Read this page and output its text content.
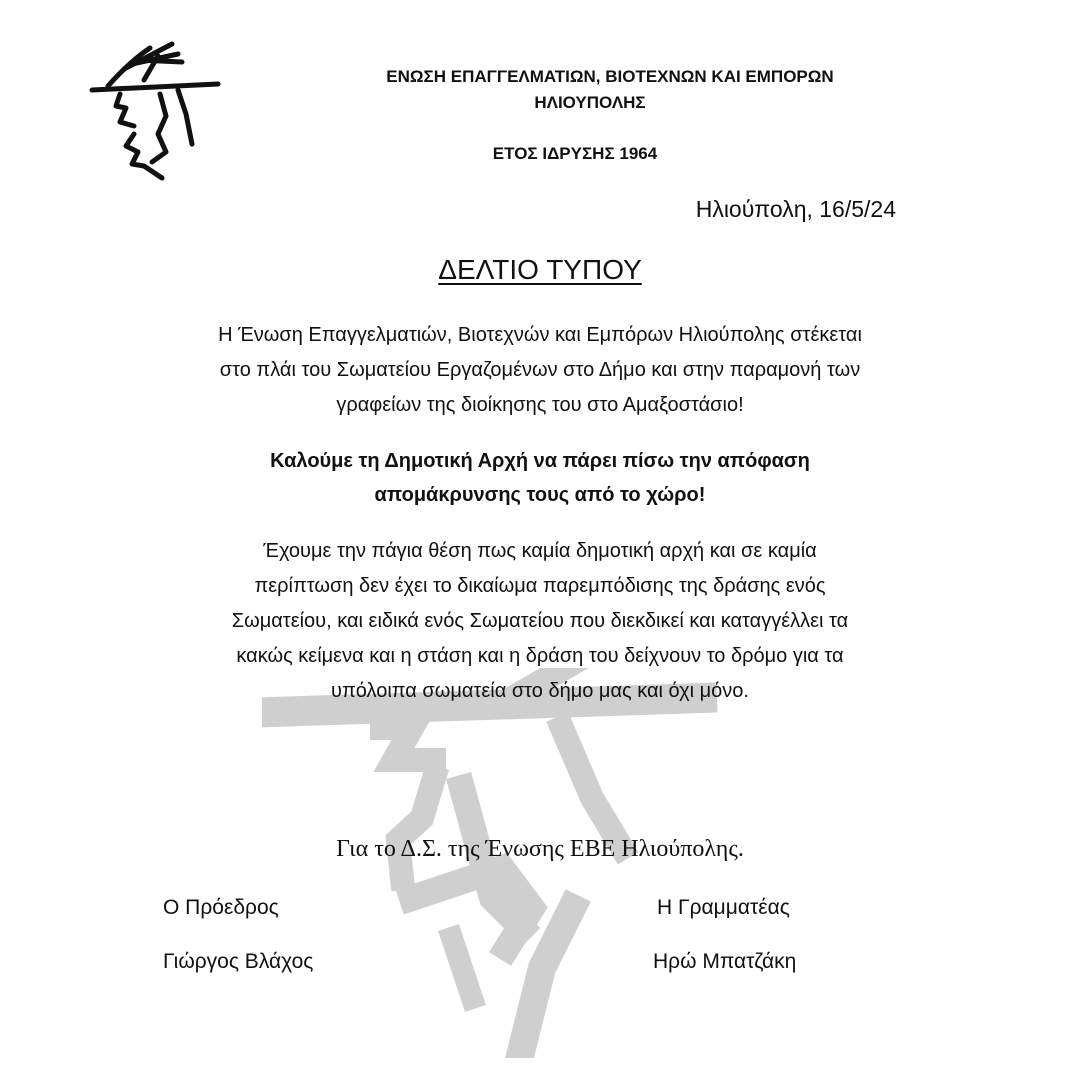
ΕΝΩΣΗ ΕΠΑΓΓΕΛΜΑΤΙΩΝ, ΒΙΟΤΕΧΝΩΝ ΚΑΙ ΕΜΠΟΡΩΝ
ΗΛΙΟΥΠΟΛΗΣ
ΕΤΟΣ ΙΔΡΥΣΗΣ 1964
Ηλιούπολη, 16/5/24
ΔΕΛΤΙΟ ΤΥΠΟΥ
Η Ένωση Επαγγελματιών, Βιοτεχνών και Εμπόρων Ηλιούπολης στέκεται
στο πλάι του Σωματείου Εργαζομένων στο Δήμο και στην παραμονή των
γραφείων της διοίκησης του στο Αμαξοστάσιο!
Καλούμε τη Δημοτική Αρχή να πάρει πίσω την απόφαση
απομάκρυνσης τους από το χώρο!
Έχουμε την πάγια θέση πως καμία δημοτική αρχή και σε καμία
περίπτωση δεν έχει το δικαίωμα παρεμπόδισης της δράσης ενός
Σωματείου, και ειδικά ενός Σωματείου που διεκδικεί και καταγγέλλει τα
κακώς κείμενα και η στάση και η δράση του δείχνουν το δρόμο για τα
υπόλοιπα σωματεία στο δήμο μας και όχι μόνο.
Για το Δ.Σ. της Ένωσης ΕΒΕ Ηλιούπολης.
Ο Πρόεδρος
Γιώργος Βλάχος
Η Γραμματέας
Ηρώ Μπατζάκη
